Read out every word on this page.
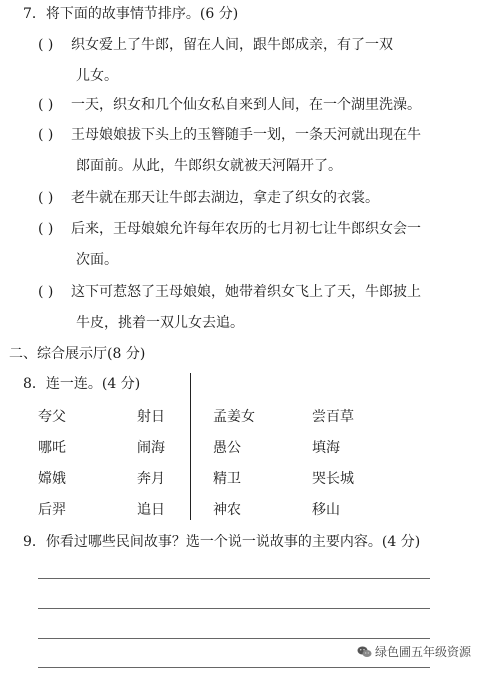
7．将下面的故事情节排序。(6 分)
( ) 织女爱上了牛郎，留在人间，跟牛郎成亲，有了一双
儿女。
( ) 一天，织女和几个仙女私自来到人间，在一个湖里洗澡。
( ) 王母娘娘拔下头上的玉簪随手一划，一条天河就出现在牛
郎面前。从此，牛郎织女就被天河隔开了。
( ) 老牛就在那天让牛郎去湖边，拿走了织女的衣裳。
( ) 后来，王母娘娘允许每年农历的七月初七让牛郎织女会一
次面。
( ) 这下可惹怒了王母娘娘，她带着织女飞上了天，牛郎披上
牛皮，挑着一双儿女去追。
二、综合展示厅(8 分)
8．连一连。(4 分)
夸父
哪吒
嫦娥
后羿
射日
闹海
奔月
追日
孟姜女
愚公
精卫
神农
尝百草
填海
哭长城
移山
9．你看过哪些民间故事？选一个说一说故事的主要内容。(4 分)
绿色圃五年级资源
